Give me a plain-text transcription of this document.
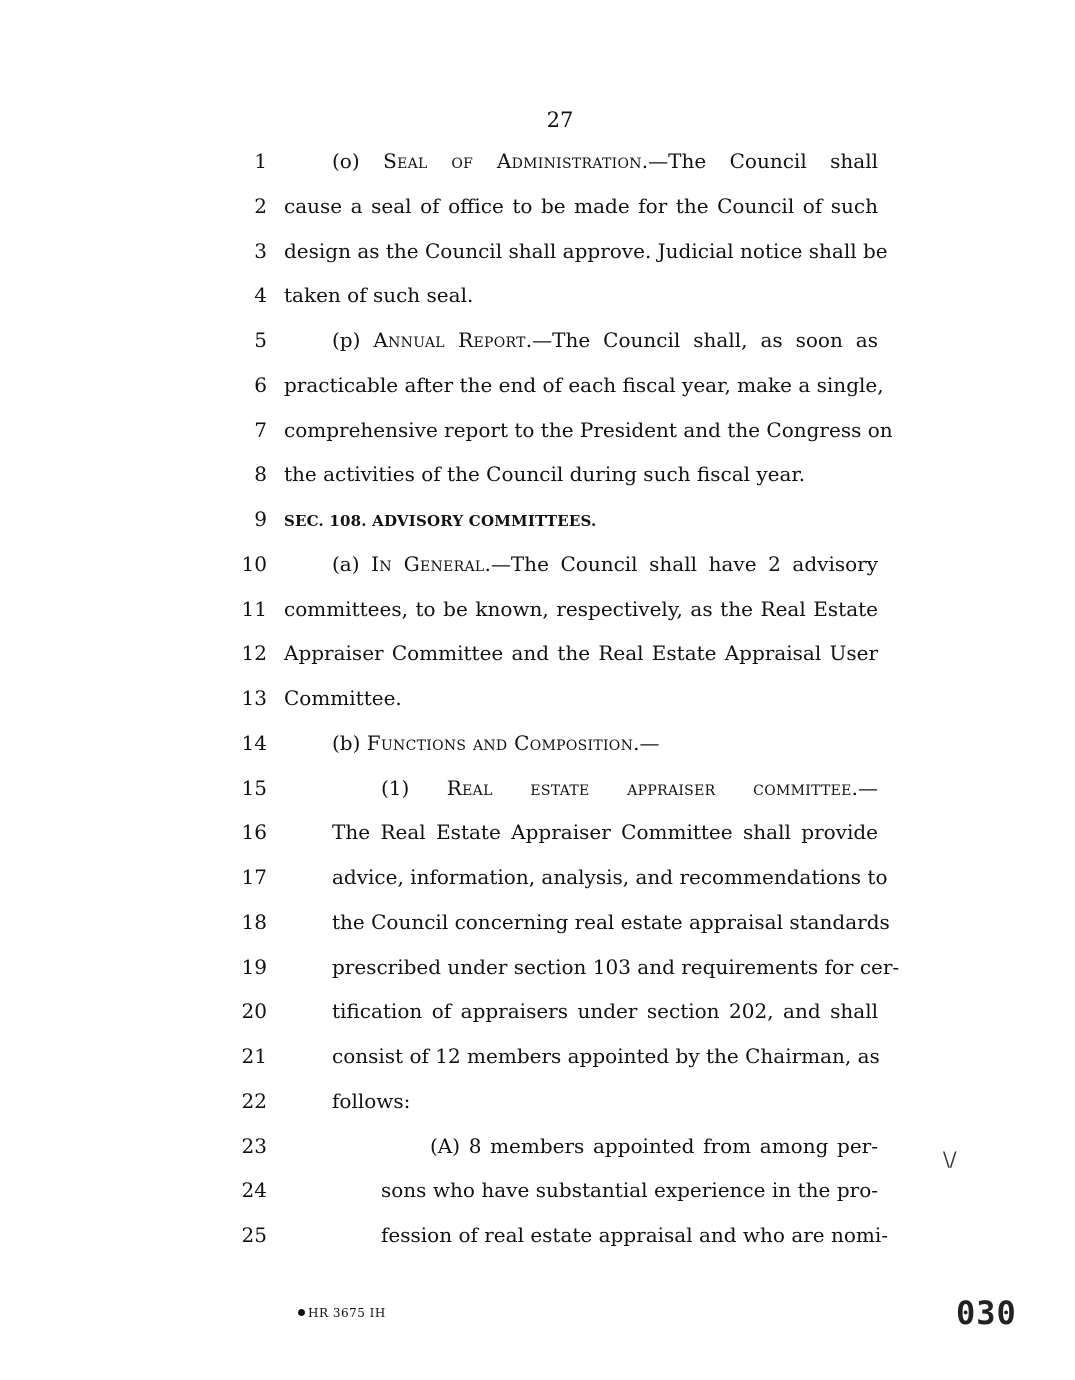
27
1	(o) Seal of Administration.—The Council shall
2 cause a seal of office to be made for the Council of such
3 design as the Council shall approve. Judicial notice shall be
4 taken of such seal.
5	(p) Annual Report.—The Council shall, as soon as
6 practicable after the end of each fiscal year, make a single,
7 comprehensive report to the President and the Congress on
8 the activities of the Council during such fiscal year.
9 SEC. 108. ADVISORY COMMITTEES.
10	(a) In General.—The Council shall have 2 advisory
11 committees, to be known, respectively, as the Real Estate
12 Appraiser Committee and the Real Estate Appraisal User
13 Committee.
14	(b) Functions and Composition.—
15	(1) Real estate appraiser committee.—
16	The Real Estate Appraiser Committee shall provide
17	advice, information, analysis, and recommendations to
18	the Council concerning real estate appraisal standards
19	prescribed under section 103 and requirements for cer-
20	tification of appraisers under section 202, and shall
21	consist of 12 members appointed by the Chairman, as
22	follows:
23	(A) 8 members appointed from among per-
24	sons who have substantial experience in the pro-
25	fession of real estate appraisal and who are nomi-
\/
HR 3675 IH	030
